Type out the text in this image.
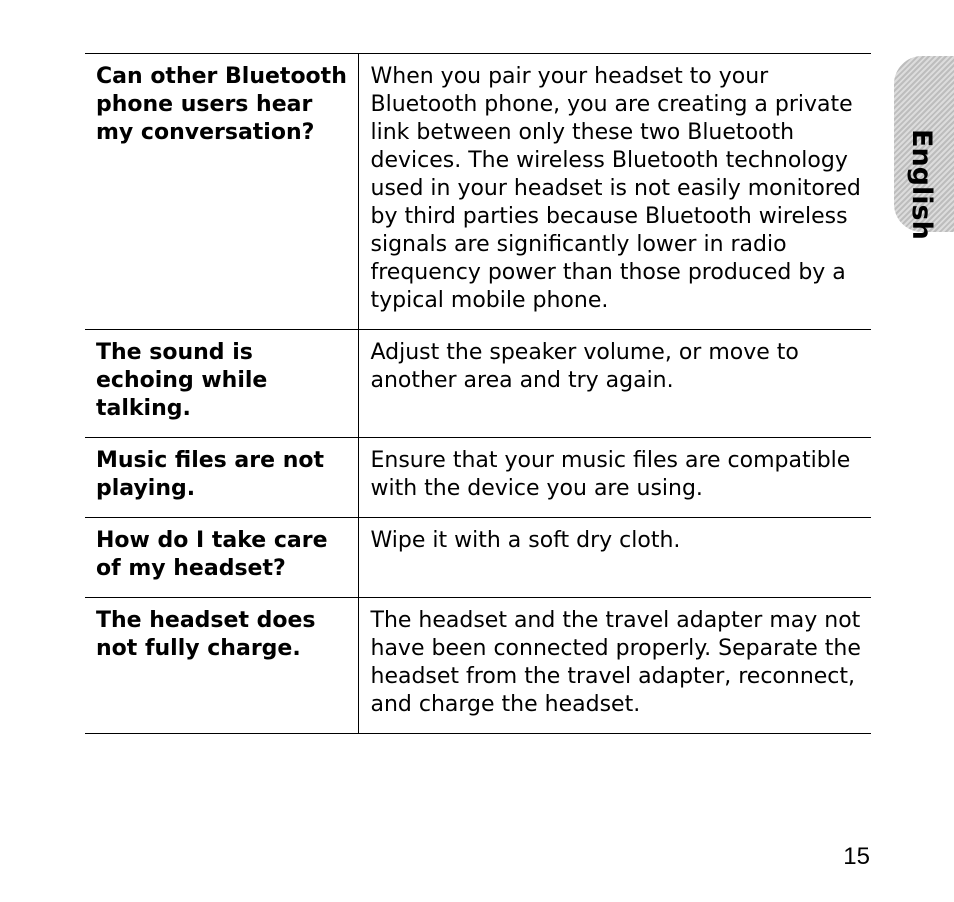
Can other Bluetooth phone users hear my conversation?	When you pair your headset to your Bluetooth phone, you are creating a private link between only these two Bluetooth devices. The wireless Bluetooth technology used in your headset is not easily monitored by third parties because Bluetooth wireless signals are significantly lower in radio frequency power than those produced by a typical mobile phone.
The sound is echoing while talking.	Adjust the speaker volume, or move to another area and try again.
Music files are not playing.	Ensure that your music files are compatible with the device you are using.
How do I take care of my headset?	Wipe it with a soft dry cloth.
The headset does not fully charge.	The headset and the travel adapter may not have been connected properly. Separate the headset from the travel adapter, reconnect, and charge the headset.
English
15
